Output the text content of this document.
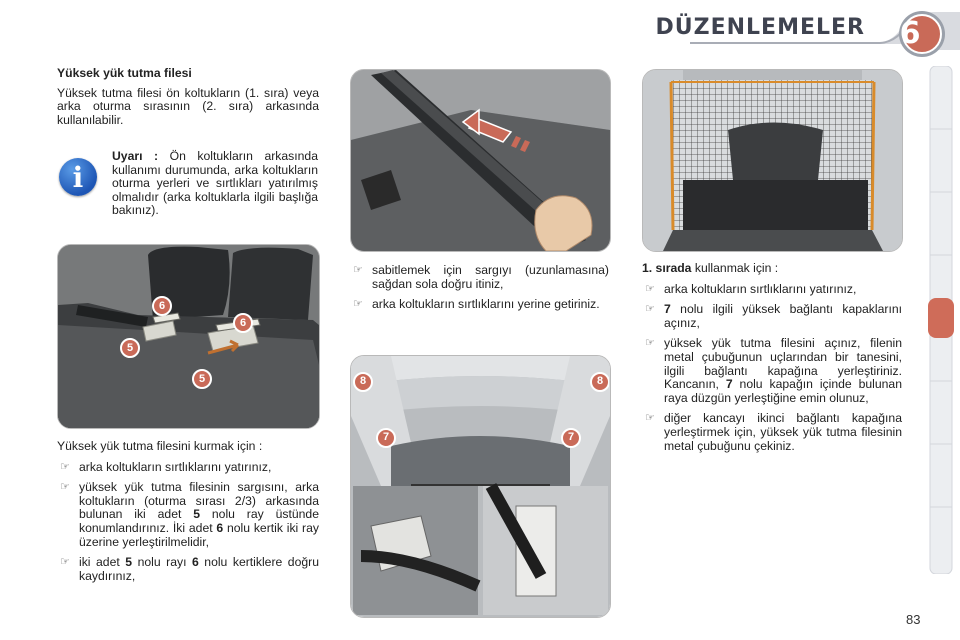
DÜZENLEMELER	6

Yüksek yük tutma filesi

Yüksek tutma filesi ön koltukların (1. sıra) veya arka oturma sırasının (2. sıra) arkasında kullanılabilir.

i

Uyarı : Ön koltukların arkasında kullanımı durumunda, arka koltukların oturma yerleri ve sırtlıkları yatırılmış olmalıdır (arka koltuklarla ilgili başlığa bakınız).

6
6
5
5

Yüksek yük tutma filesini kurmak için :

☞ arka koltukların sırtlıklarını yatırınız,

☞ yüksek yük tutma filesinin sargısını, arka koltukların (oturma sırası 2/3) arkasında bulunan iki adet 5 nolu ray üstünde konumlandırınız. İki adet 6 nolu kertik iki ray üzerine yerleştirilmelidir,

☞ iki adet 5 nolu rayı 6 nolu kertiklere doğru kaydırınız,

☞ sabitlemek için sargıyı (uzunlamasına) sağdan sola doğru itiniz,

☞ arka koltukların sırtlıklarını yerine getiriniz.

8	8
7	7

1. sırada kullanmak için :

☞ arka koltukların sırtlıklarını yatırınız,

☞ 7 nolu ilgili yüksek bağlantı kapaklarını açınız,

☞ yüksek yük tutma filesini açınız, filenin metal çubuğunun uçlarından bir tanesini, ilgili bağlantı kapağına yerleştiriniz. Kancanın, 7 nolu kapağın içinde bulunan raya düzgün yerleştiğine emin olunuz,

☞ diğer kancayı ikinci bağlantı kapağına yerleştirmek için, yüksek yük tutma filesinin metal çubuğunu çekiniz.

83
